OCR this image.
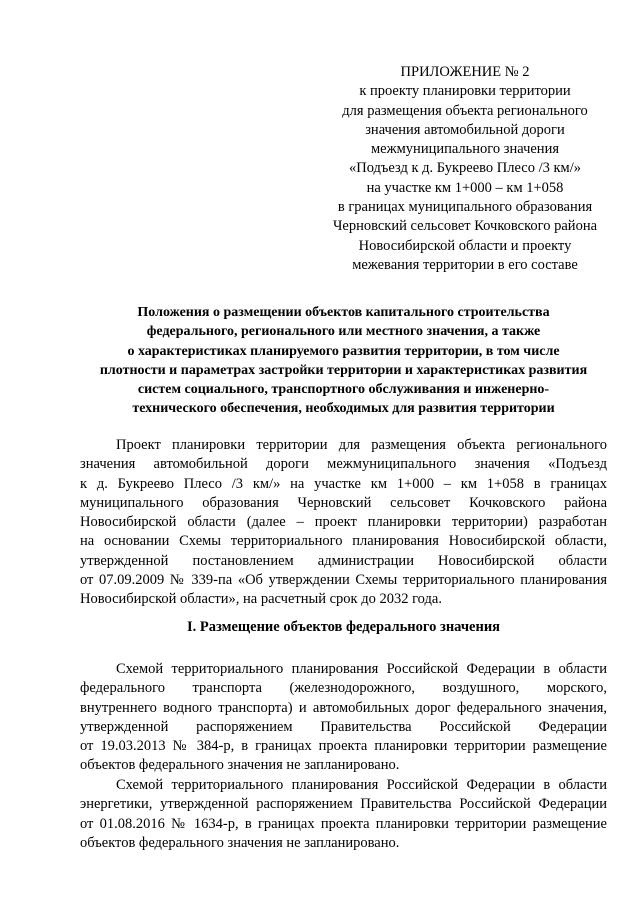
ПРИЛОЖЕНИЕ № 2
к проекту планировки территории
для размещения объекта регионального
значения автомобильной дороги
межмуниципального значения
«Подъезд к д. Букреево Плесо /3 км/»
на участке км 1+000 – км 1+058
в границах муниципального образования
Черновский сельсовет Кочковского района
Новосибирской области и проекту
межевания территории в его составе
Положения о размещении объектов капитального строительства
федерального, регионального или местного значения, а также
о характеристиках планируемого развития территории, в том числе
плотности и параметрах застройки территории и характеристиках развития
систем социального, транспортного обслуживания и инженерно-
технического обеспечения, необходимых для развития территории
Проект планировки территории для размещения объекта регионального
значения автомобильной дороги межмуниципального значения «Подъезд
к д. Букреево Плесо /3 км/» на участке км 1+000 – км 1+058 в границах
муниципального образования Черновский сельсовет Кочковского района
Новосибирской области (далее – проект планировки территории) разработан
на основании Схемы территориального планирования Новосибирской области,
утвержденной постановлением администрации Новосибирской области
от 07.09.2009 № 339-па «Об утверждении Схемы территориального планирования
Новосибирской области», на расчетный срок до 2032 года.
I. Размещение объектов федерального значения
Схемой территориального планирования Российской Федерации в области
федерального транспорта (железнодорожного, воздушного, морского,
внутреннего водного транспорта) и автомобильных дорог федерального значения,
утвержденной распоряжением Правительства Российской Федерации
от 19.03.2013 № 384-р, в границах проекта планировки территории размещение
объектов федерального значения не запланировано.
Схемой территориального планирования Российской Федерации в области
энергетики, утвержденной распоряжением Правительства Российской Федерации
от 01.08.2016 № 1634-р, в границах проекта планировки территории размещение
объектов федерального значения не запланировано.
